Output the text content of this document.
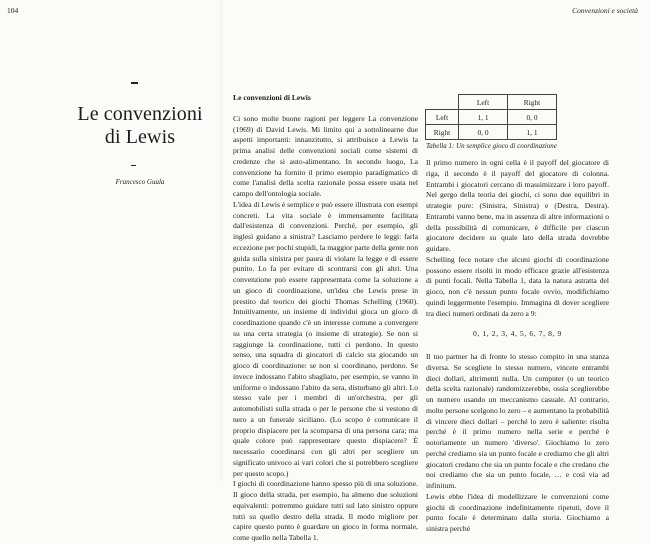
104	Convenzioni e società
Le convenzioni
di Lewis
Francesco Guala

Le convenzioni di Lewis

Ci sono molte buone ragioni per leggere La convenzione (1969) di David Lewis. Mi limito qui a sottolinearne due aspetti importanti: innanzitutto, si attribuisce a Lewis la prima analisi delle convenzioni sociali come sistemi di credenze che si auto-alimentano. In secondo luogo, La convenzione ha fornito il primo esempio paradigmatico di come l'analisi della scelta razionale possa essere usata nel campo dell'ontologia sociale.

L'idea di Lewis è semplice e può essere illustrata con esempi concreti. La vita sociale è immensamente facilitata dall'esistenza di convenzioni. Perché, per esempio, gli inglesi guidano a sinistra? Lasciamo perdere le leggi: farla eccezione per pochi stupidi, la maggior parte della gente non guida sulla sinistra per paura di violare la legge e di essere punito. Lo fa per evitare di scontrarsi con gli altri. Una convenzione può essere rappresentata come la soluzione a un gioco di coordinazione, un'idea che Lewis prese in prestito dal teorico dei giochi Thomas Schelling (1960). Intuitivamente, un insieme di individui gioca un gioco di coordinazione quando c'è un interesse comune a convergere su una certa strategia (o insieme di strategie). Se non si raggiunge la coordinazione, tutti ci perdono. In questo senso, una squadra di giocatori di calcio sta giocando un gioco di coordinazione: se non si coordinano, perdono. Se invece indossano l'abito sbagliato, per esempio, se vanno in uniforme o indossano l'abito da sera, disturbano gli altri. Lo stesso vale per i membri di un'orchestra, per gli automobilisti sulla strada o per le persone che si vestono di nero a un funerale siciliano. (Lo scopo è comunicare il proprio dispiacere per la scomparsa di una persona cara; ma quale colore può rappresentare questo dispiacere? È necessario coordinarsi con gli altri per scegliere un significato univoco ai vari colori che si potrebbero scegliere per questo scopo.)

I giochi di coordinazione hanno spesso più di una soluzione. Il gioco della strada, per esempio, ha almeno due soluzioni equivalenti: potremmo guidare tutti sul lato sinistro oppure tutti su quello destro della strada. Il modo migliore per capire questo punto è guardare un gioco in forma normale, come quello nella Tabella 1.

	Left	Right
Left	1, 1	0, 0
Right	0, 0	1, 1
Tabella 1: Un semplice gioco di coordinazione

Il primo numero in ogni cella è il payoff del giocatore di riga, il secondo è il payoff del giocatore di colonna. Entrambi i giocatori cercano di massimizzare i loro payoff. Nel gergo della teoria dei giochi, ci sono due equilibri in strategie pure: (Sinistra, Sinistra) e (Destra, Destra). Entrambi vanno bene, ma in assenza di altre informazioni o della possibilità di comunicare, è difficile per ciascun giocatore decidere su quale lato della strada dovrebbe guidare.

Schelling fece notare che alcuni giochi di coordinazione possono essere risolti in modo efficace grazie all'esistenza di punti focali. Nella Tabella 1, data la natura astratta del gioco, non c'è nessun punto focale ovvio, modifichiamo quindi leggermente l'esempio. Immagina di dover scegliere tra dieci numeri ordinati da zero a 9:

0, 1, 2, 3, 4, 5, 6, 7, 8, 9

Il tuo partner ha di fronte lo stesso compito in una stanza diversa. Se scegliete lo stesso numero, vincete entrambi dieci dollari, altrimenti nulla. Un computer (o un teorico della scelta razionale) randomizzerebbe, ossia sceglierebbe un numero usando un meccanismo casuale. Al contrario, molte persone scelgono lo zero – e aumentano la probabilità di vincere dieci dollari – perché lo zero è saliente: risulta perché è il primo numero nella serie e perché è notoriamente un numero 'diverso'. Giochiamo lo zero perché crediamo sia un punto focale e crediamo che gli altri giocatori credano che sia un punto focale e che credano che noi crediamo che sia un punto focale, … e così via ad infinitum.

Lewis ebbe l'idea di modellizzare le convenzioni come giochi di coordinazione indefinitamente ripetuti, dove il punto focale è determinato dalla storia. Giochiamo a sinistra perché
